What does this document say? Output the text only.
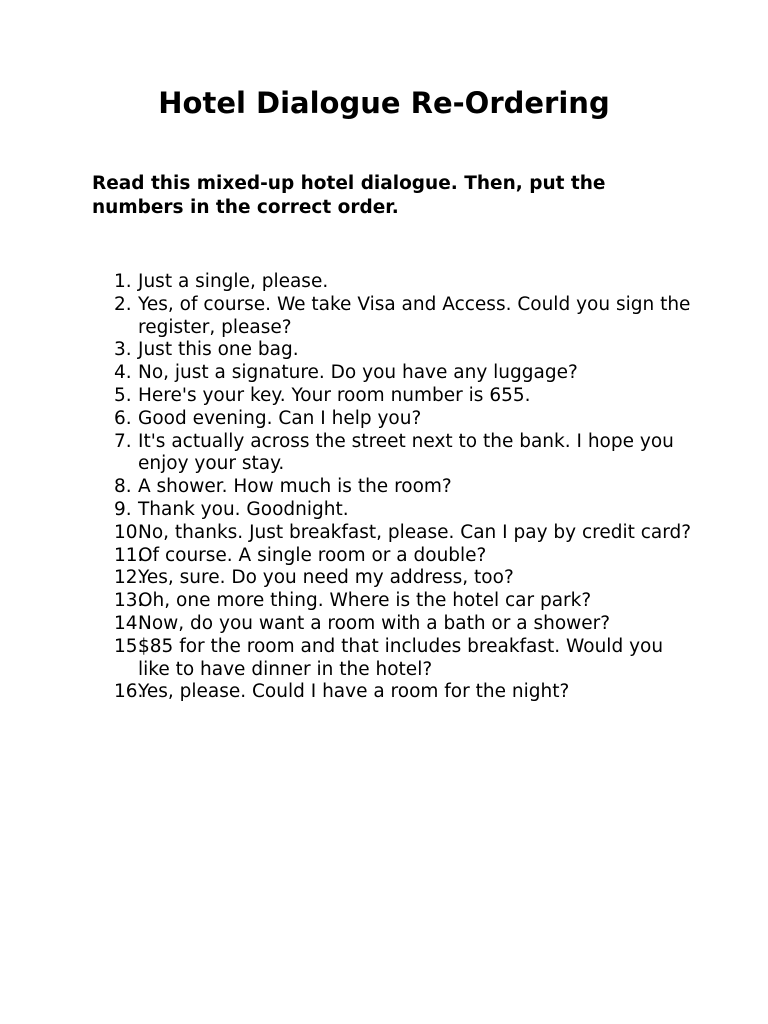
Hotel Dialogue Re-Ordering

Read this mixed-up hotel dialogue. Then, put the numbers in the correct order.

1. Just a single, please.
2. Yes, of course. We take Visa and Access. Could you sign the register, please?
3. Just this one bag.
4. No, just a signature. Do you have any luggage?
5. Here's your key. Your room number is 655.
6. Good evening. Can I help you?
7. It's actually across the street next to the bank. I hope you enjoy your stay.
8. A shower. How much is the room?
9. Thank you. Goodnight.
10.
No, thanks. Just breakfast, please. Can I pay by credit card?
11.
Of course. A single room or a double?
12.
Yes, sure. Do you need my address, too?
13.
Oh, one more thing. Where is the hotel car park?
14.
Now, do you want a room with a bath or a shower?
15.
$85 for the room and that includes breakfast. Would you like to have dinner in the hotel?
16.
Yes, please. Could I have a room for the night?
